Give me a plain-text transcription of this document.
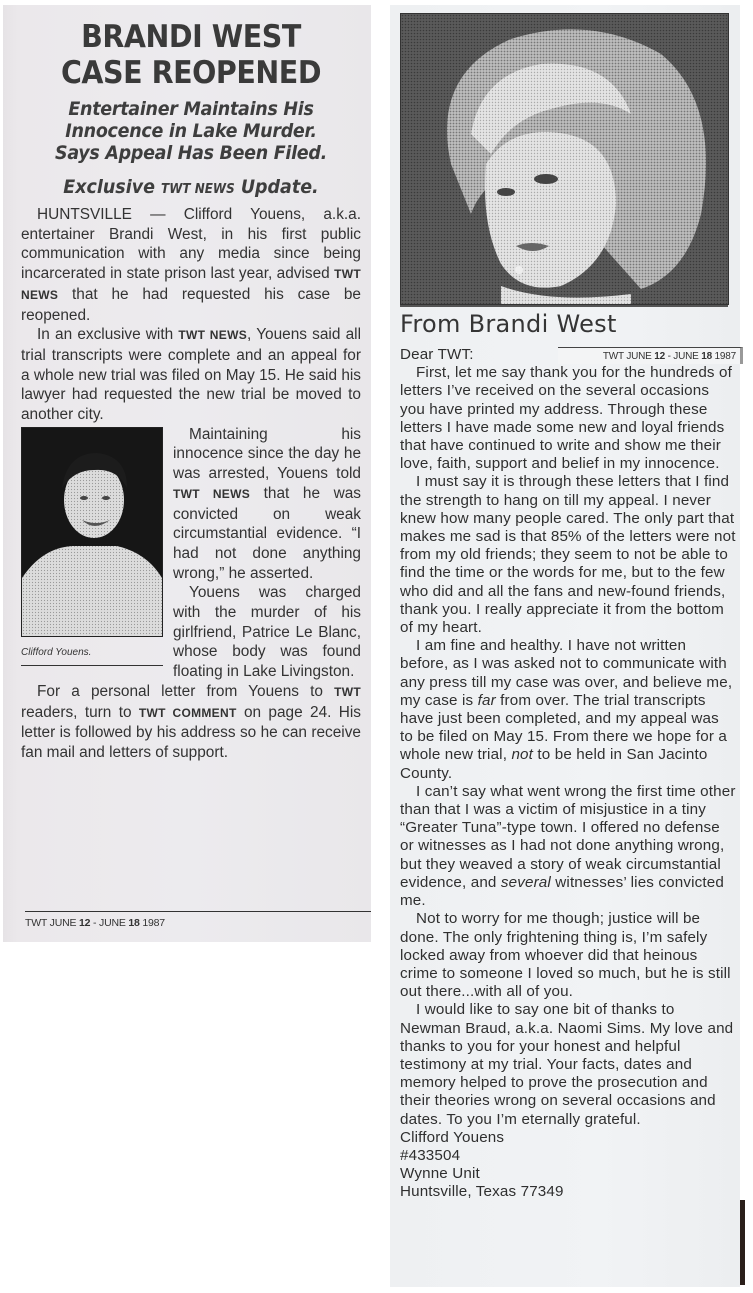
BRANDI WEST
CASE REOPENED
Entertainer Maintains His
Innocence in Lake Murder.
Says Appeal Has Been Filed.
Exclusive TWT NEWS Update.

HUNTSVILLE — Clifford Youens, a.k.a. entertainer Brandi West, in his first public communication with any media since being incarcerated in state prison last year, advised TWT NEWS that he had requested his case be reopened.

In an exclusive with TWT NEWS, Youens said all trial transcripts were complete and an appeal for a whole new trial was filed on May 15. He said his lawyer had requested the new trial be moved to another city.

Clifford Youens.

Maintaining his innocence since the day he was arrested, Youens told TWT NEWS that he was convicted on weak circumstantial evidence. “I had not done anything wrong,” he asserted.

Youens was charged with the murder of his girlfriend, Patrice Le Blanc, whose body was found floating in Lake Livingston.

For a personal letter from Youens to TWT readers, turn to TWT COMMENT on page 24. His letter is followed by his address so he can receive fan mail and letters of support.

TWT JUNE 12 - JUNE 18 1987
From Brandi West
TWT JUNE 12 - JUNE 18 1987

Dear TWT:

First, let me say thank you for the hundreds of letters I’ve received on the several occasions you have printed my address. Through these letters I have made some new and loyal friends that have continued to write and show me their love, faith, support and belief in my innocence.

I must say it is through these letters that I find the strength to hang on till my appeal. I never knew how many people cared. The only part that makes me sad is that 85% of the letters were not from my old friends; they seem to not be able to find the time or the words for me, but to the few who did and all the fans and new-found friends, thank you. I really appreciate it from the bottom of my heart.

I am fine and healthy. I have not written before, as I was asked not to communicate with any press till my case was over, and believe me, my case is far from over. The trial transcripts have just been completed, and my appeal was to be filed on May 15. From there we hope for a whole new trial, not to be held in San Jacinto County.

I can’t say what went wrong the first time other than that I was a victim of misjustice in a tiny “Greater Tuna”-type town. I offered no defense or witnesses as I had not done anything wrong, but they weaved a story of weak circumstantial evidence, and several witnesses’ lies convicted me.

Not to worry for me though; justice will be done. The only frightening thing is, I’m safely locked away from whoever did that heinous crime to someone I loved so much, but he is still out there...with all of you.

I would like to say one bit of thanks to Newman Braud, a.k.a. Naomi Sims. My love and thanks to you for your honest and helpful testimony at my trial. Your facts, dates and memory helped to prove the prosecution and their theories wrong on several occasions and dates. To you I’m eternally grateful.

Clifford Youens

#433504

Wynne Unit

Huntsville, Texas 77349
